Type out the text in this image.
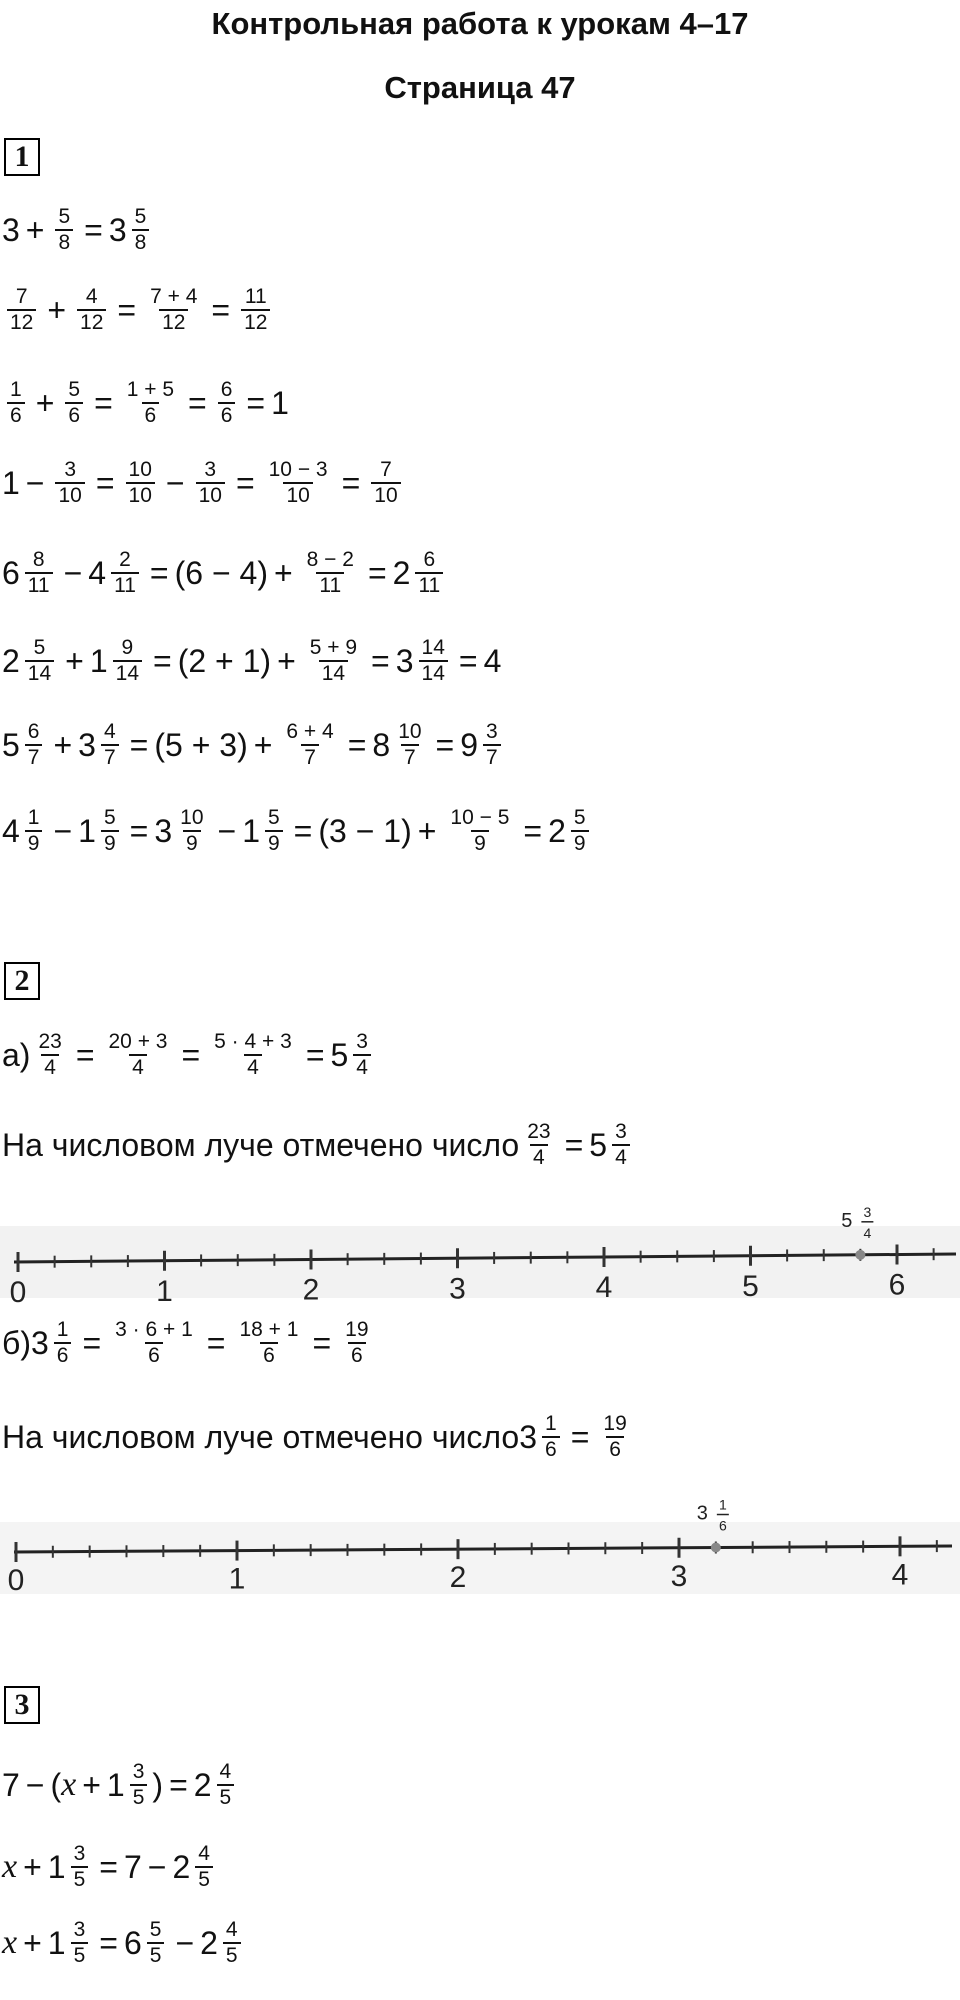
Контрольная работа к урокам 4–17
Страница 47
1
$3 + \frac{5}{8} = 3 \frac{5}{8}$
$\frac{7}{12} + \frac{4}{12} = \frac{7 + 4}{12} = \frac{11}{12}$
$\frac{1}{6} + \frac{5}{6} = \frac{1 + 5}{6} = \frac{6}{6} = 1$
$1 - \frac{3}{10} = \frac{10}{10} - \frac{3}{10} = \frac{10 - 3}{10} = \frac{7}{10}$
$6 \frac{8}{11} - 4 \frac{2}{11} = (6 - 4) + \frac{8 - 2}{11} = 2 \frac{6}{11}$
$2 \frac{5}{14} + 1 \frac{9}{14} = (2 + 1) + \frac{5 + 9}{14} = 3 \frac{14}{14} = 4$
$5 \frac{6}{7} + 3 \frac{4}{7} = (5 + 3) + \frac{6 + 4}{7} = 8 \frac{10}{7} = 9 \frac{3}{7}$
$4 \frac{1}{9} - 1 \frac{5}{9} = 3 \frac{10}{9} - 1 \frac{5}{9} = (3 - 1) + \frac{10 - 5}{9} = 2 \frac{5}{9}$
2
$а) \frac{23}{4} = \frac{20 + 3}{4} = \frac{5 \cdot 4 + 3}{4} = 5 \frac{3}{4}$
На числовом луче отмечено число $\frac{23}{4} = 5 \frac{3}{4}$
0	1	2	3	4	5	6
5 3
4
б) $3 \frac{1}{6} = \frac{3 \cdot 6 + 1}{6} = \frac{18 + 1}{6} = \frac{19}{6}$
На числовом луче отмечено число $3 \frac{1}{6} = \frac{19}{6}$
0	1	2	3	4
3 1
6
3
7 − ( $x + 1 \frac{3}{5}$ ) = $2 \frac{4}{5}$
$x + 1 \frac{3}{5} = 7 - 2 \frac{4}{5}$
$x + 1 \frac{3}{5} = 6 \frac{5}{5} - 2 \frac{4}{5}$
